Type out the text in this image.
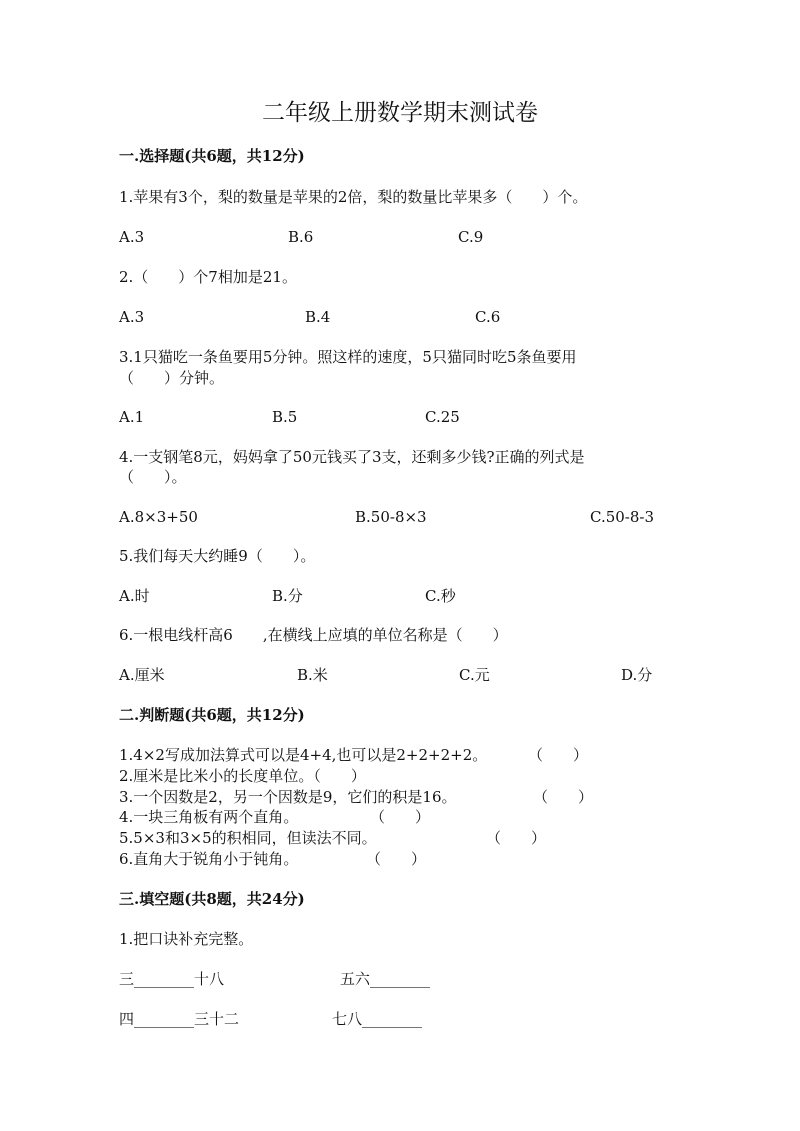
二年级上册数学期末测试卷
一.选择题(共6题，共12分)
1.苹果有3个，梨的数量是苹果的2倍，梨的数量比苹果多（　　）个。
A.3	B.6	C.9
2.（　　）个7相加是21。
A.3	B.4	C.6
3.1只猫吃一条鱼要用5分钟。照这样的速度，5只猫同时吃5条鱼要用
（　　）分钟。
A.1	B.5	C.25
4.一支钢笔8元，妈妈拿了50元钱买了3支，还剩多少钱?正确的列式是
（　　）。
A.8×3+50	B.50-8×3	C.50-8-3
5.我们每天大约睡9（　　）。
A.时	B.分	C.秒
6.一根电线杆高6　　,在横线上应填的单位名称是（　　）
A.厘米	B.米	C.元	D.分
二.判断题(共6题，共12分)
1.4×2写成加法算式可以是4+4,也可以是2+2+2+2。	（　　）
2.厘米是比米小的长度单位。（　　）
3.一个因数是2，另一个因数是9，它们的积是16。	（　　）
4.一块三角板有两个直角。	（　　）
5.5×3和3×5的积相同，但读法不同。	（　　）
6.直角大于锐角小于钝角。	（　　）
三.填空题(共8题，共24分)
1.把口诀补充完整。
三________十八	五六________
四________三十二	七八________
